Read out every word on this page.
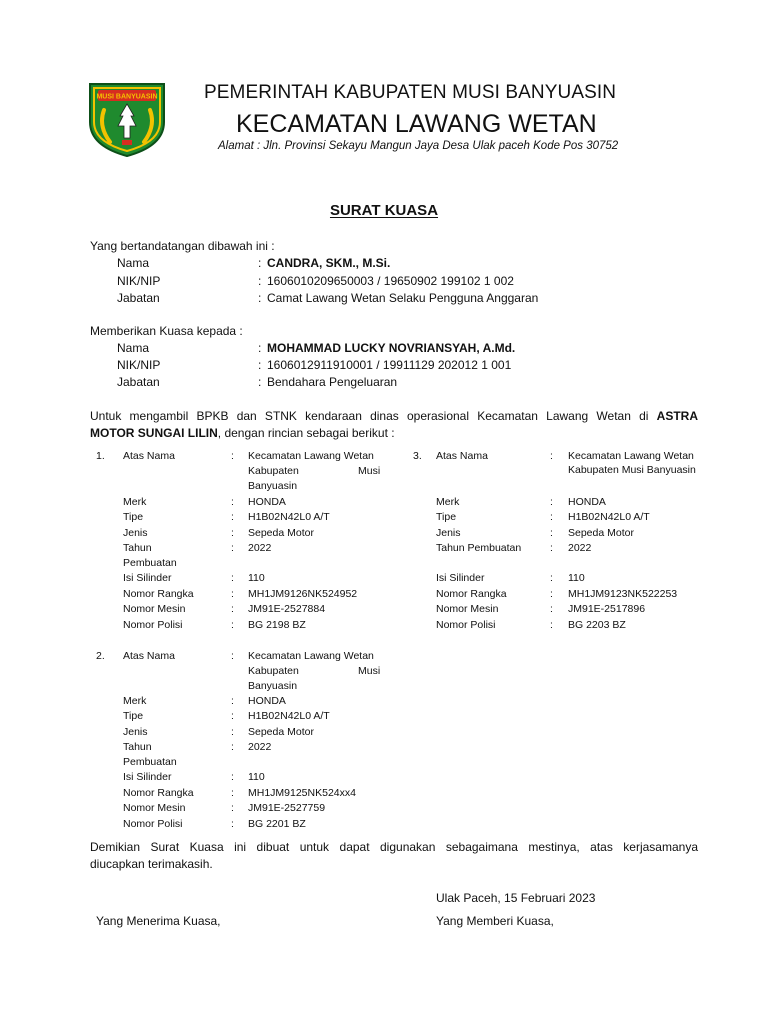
MUSI BANYUASIN PEMERINTAH KABUPATEN MUSI BANYUASIN
KECAMATAN LAWANG WETAN
Alamat : Jln. Provinsi Sekayu Mangun Jaya Desa Ulak paceh Kode Pos 30752
SURAT KUASA
Yang bertandatangan dibawah ini :
Nama	: CANDRA, SKM., M.Si.
NIK/NIP	: 1606010209650003 / 19650902 199102 1 002
Jabatan	: Camat Lawang Wetan Selaku Pengguna Anggaran
Memberikan Kuasa kepada :
Nama	: MOHAMMAD LUCKY NOVRIANSYAH, A.Md.
NIK/NIP	: 1606012911910001 / 19911129 202012 1 001
Jabatan	: Bendahara Pengeluaran
Untuk mengambil BPKB dan STNK kendaraan dinas operasional Kecamatan Lawang Wetan di ASTRA
MOTOR SUNGAI LILIN, dengan rincian sebagai berikut :
1. Atas Nama	: Kecamatan Lawang Wetan
Kabupaten	Musi
Banyuasin
Merk	: HONDA
Tipe	: H1B02N42L0 A/T
Jenis	: Sepeda Motor
Tahun	: 2022
Pembuatan
Isi Silinder	: 110
Nomor Rangka	: MH1JM9126NK524952
Nomor Mesin	: JM91E-2527884
Nomor Polisi	: BG 2198 BZ
3. Atas Nama	: Kecamatan Lawang Wetan
Kabupaten Musi Banyuasin
Merk	: HONDA
Tipe	: H1B02N42L0 A/T
Jenis	: Sepeda Motor
Tahun Pembuatan	: 2022
Isi Silinder	: 110
Nomor Rangka	: MH1JM9123NK522253
Nomor Mesin	: JM91E-2517896
Nomor Polisi	: BG 2203 BZ
2. Atas Nama	: Kecamatan Lawang Wetan
Kabupaten	Musi
Banyuasin
Merk	: HONDA
Tipe	: H1B02N42L0 A/T
Jenis	: Sepeda Motor
Tahun	: 2022
Pembuatan
Isi Silinder	: 110
Nomor Rangka	: MH1JM9125NK524xx4
Nomor Mesin	: JM91E-2527759
Nomor Polisi	: BG 2201 BZ
Demikian Surat Kuasa ini dibuat untuk dapat digunakan sebagaimana mestinya, atas kerjasamanya
diucapkan terimakasih.
Ulak Paceh, 15 Februari 2023
Yang Menerima Kuasa,	Yang Memberi Kuasa,
